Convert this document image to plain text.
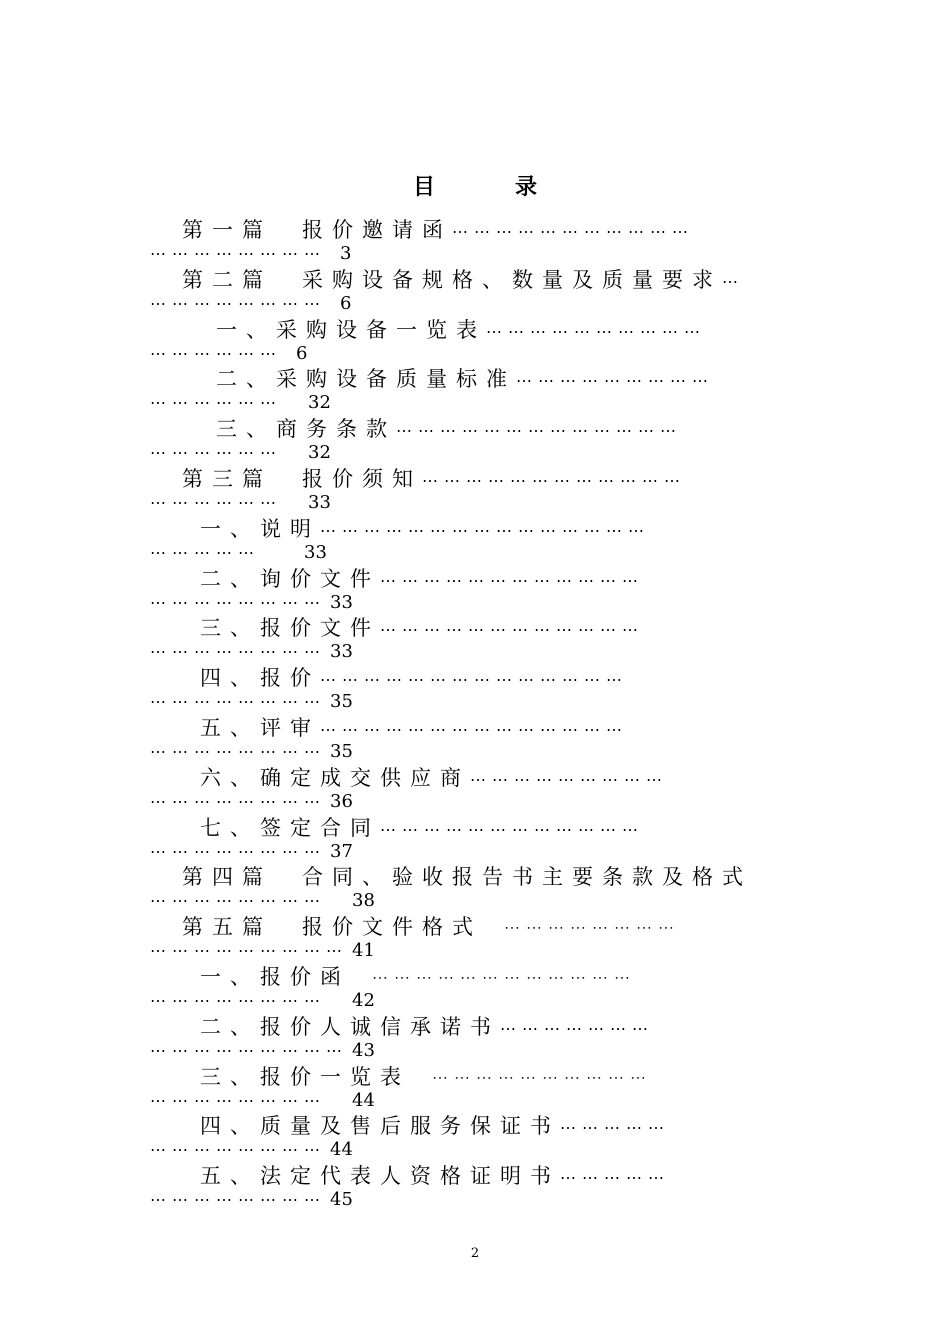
目	录
第一篇　报价邀请函⋯⋯⋯⋯⋯⋯⋯⋯⋯⋯⋯
⋯⋯⋯⋯⋯⋯⋯⋯ 3
第二篇　采购设备规格、数量及质量要求⋯
⋯⋯⋯⋯⋯⋯⋯⋯ 6
一、采购设备一览表⋯⋯⋯⋯⋯⋯⋯⋯⋯⋯
⋯⋯⋯⋯⋯⋯ 6
二、采购设备质量标准⋯⋯⋯⋯⋯⋯⋯⋯⋯
⋯⋯⋯⋯⋯⋯ 32
三、商务条款⋯⋯⋯⋯⋯⋯⋯⋯⋯⋯⋯⋯⋯
⋯⋯⋯⋯⋯⋯ 32
第三篇　报价须知⋯⋯⋯⋯⋯⋯⋯⋯⋯⋯⋯⋯
⋯⋯⋯⋯⋯⋯ 33
一、说明⋯⋯⋯⋯⋯⋯⋯⋯⋯⋯⋯⋯⋯⋯⋯
⋯⋯⋯⋯⋯ 33
二、询价文件⋯⋯⋯⋯⋯⋯⋯⋯⋯⋯⋯⋯
⋯⋯⋯⋯⋯⋯⋯⋯ 33
三、报价文件⋯⋯⋯⋯⋯⋯⋯⋯⋯⋯⋯⋯
⋯⋯⋯⋯⋯⋯⋯⋯ 33
四、报价⋯⋯⋯⋯⋯⋯⋯⋯⋯⋯⋯⋯⋯⋯
⋯⋯⋯⋯⋯⋯⋯⋯ 35
五、评审⋯⋯⋯⋯⋯⋯⋯⋯⋯⋯⋯⋯⋯⋯
⋯⋯⋯⋯⋯⋯⋯⋯ 35
六、确定成交供应商⋯⋯⋯⋯⋯⋯⋯⋯⋯
⋯⋯⋯⋯⋯⋯⋯⋯ 36
七、签定合同⋯⋯⋯⋯⋯⋯⋯⋯⋯⋯⋯⋯
⋯⋯⋯⋯⋯⋯⋯⋯ 37
第四篇　合同、验收报告书主要条款及格式
⋯⋯⋯⋯⋯⋯⋯⋯ 38
第五篇　报价文件格式　⋯⋯⋯⋯⋯⋯⋯⋯
⋯⋯⋯⋯⋯⋯⋯⋯⋯ 41
一、报价函　⋯⋯⋯⋯⋯⋯⋯⋯⋯⋯⋯⋯
⋯⋯⋯⋯⋯⋯⋯⋯ 42
二、报价人诚信承诺书⋯⋯⋯⋯⋯⋯⋯
⋯⋯⋯⋯⋯⋯⋯⋯⋯ 43
三、报价一览表　⋯⋯⋯⋯⋯⋯⋯⋯⋯⋯
⋯⋯⋯⋯⋯⋯⋯⋯ 44
四、质量及售后服务保证书⋯⋯⋯⋯⋯
⋯⋯⋯⋯⋯⋯⋯⋯ 44
五、法定代表人资格证明书⋯⋯⋯⋯⋯
⋯⋯⋯⋯⋯⋯⋯⋯ 45
2
